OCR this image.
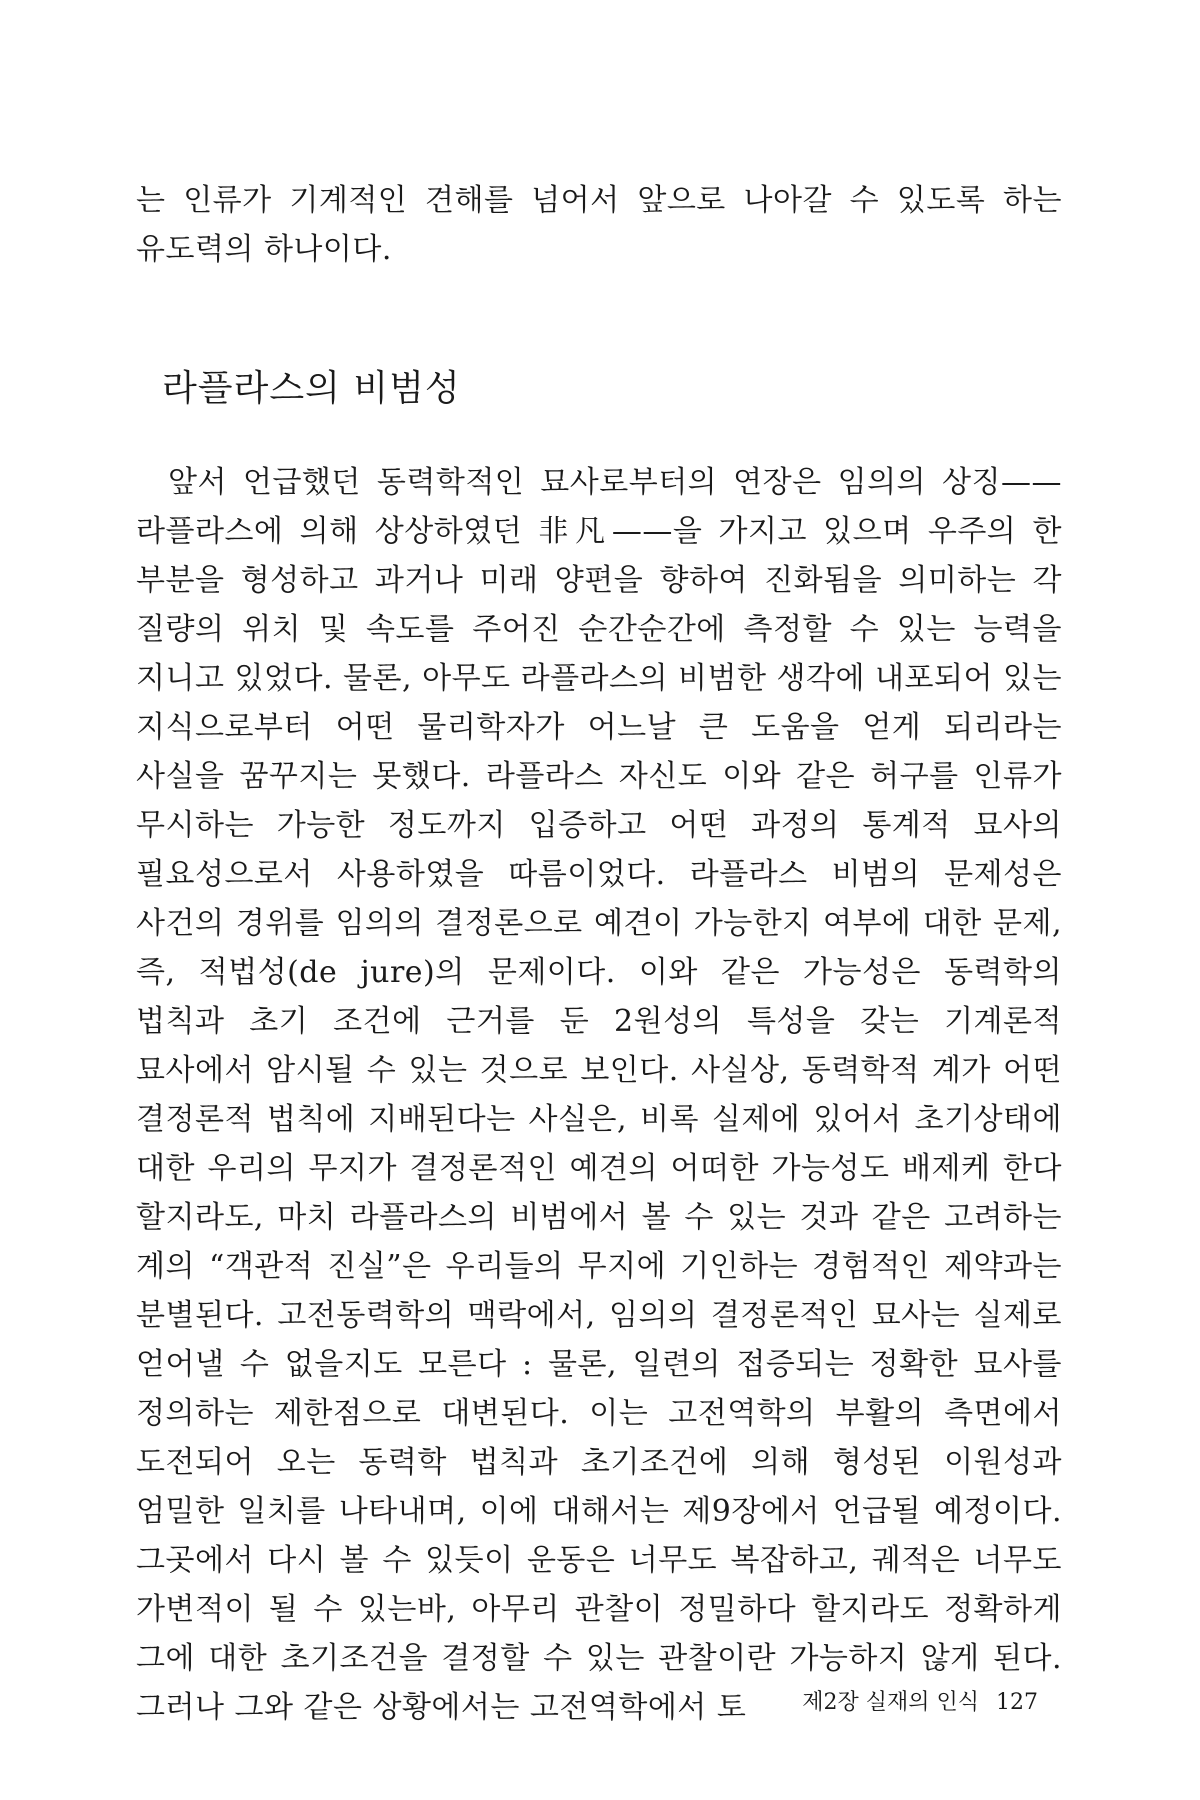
는 인류가 기계적인 견해를 넘어서 앞으로 나아갈 수 있도록 하는 유도력의 하나이다.

라플라스의 비범성

앞서 언급했던 동력학적인 묘사로부터의 연장은 임의의 상징——라플라스에 의해 상상하였던 非凡——을 가지고 있으며 우주의 한 부분을 형성하고 과거나 미래 양편을 향하여 진화됨을 의미하는 각 질량의 위치 및 속도를 주어진 순간순간에 측정할 수 있는 능력을 지니고 있었다. 물론, 아무도 라플라스의 비범한 생각에 내포되어 있는 지식으로부터 어떤 물리학자가 어느날 큰 도움을 얻게 되리라는 사실을 꿈꾸지는 못했다. 라플라스 자신도 이와 같은 허구를 인류가 무시하는 가능한 정도까지 입증하고 어떤 과정의 통계적 묘사의 필요성으로서 사용하였을 따름이었다. 라플라스 비범의 문제성은 사건의 경위를 임의의 결정론으로 예견이 가능한지 여부에 대한 문제, 즉, 적법성(de jure)의 문제이다. 이와 같은 가능성은 동력학의 법칙과 초기 조건에 근거를 둔 2원성의 특성을 갖는 기계론적 묘사에서 암시될 수 있는 것으로 보인다. 사실상, 동력학적 계가 어떤 결정론적 법칙에 지배된다는 사실은, 비록 실제에 있어서 초기상태에 대한 우리의 무지가 결정론적인 예견의 어떠한 가능성도 배제케 한다 할지라도, 마치 라플라스의 비범에서 볼 수 있는 것과 같은 고려하는 계의 “객관적 진실”은 우리들의 무지에 기인하는 경험적인 제약과는 분별된다. 고전동력학의 맥락에서, 임의의 결정론적인 묘사는 실제로 얻어낼 수 없을지도 모른다 : 물론, 일련의 접증되는 정확한 묘사를 정의하는 제한점으로 대변된다. 이는 고전역학의 부활의 측면에서 도전되어 오는 동력학 법칙과 초기조건에 의해 형성된 이원성과 엄밀한 일치를 나타내며, 이에 대해서는 제9장에서 언급될 예정이다. 그곳에서 다시 볼 수 있듯이 운동은 너무도 복잡하고, 궤적은 너무도 가변적이 될 수 있는바, 아무리 관찰이 정밀하다 할지라도 정확하게 그에 대한 초기조건을 결정할 수 있는 관찰이란 가능하지 않게 된다. 그러나 그와 같은 상황에서는 고전역학에서 토	제2장 실재의 인식 127
